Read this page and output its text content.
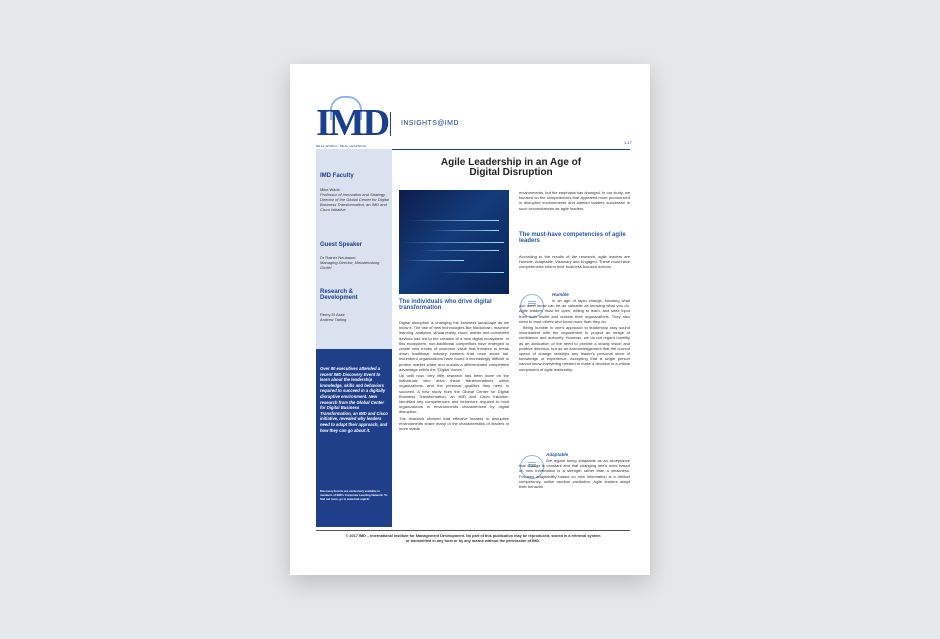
IMD
REAL WORLD. REAL LEARNING
INSIGHTS@IMD
1-17
IMD Faculty
Mike Wade
Professor of Innovation and Strategy, Director of the Global Center for Digital Business Transformation, an IMD and Cisco initiative
Guest Speaker
Dr Rainer Neubauer
Managing Director, Metaberatung GmbH
Research & Development
Remy El Assir Andrew Tarling
Over 80 executives attended a recent IMD Discovery Event to learn about the leadership knowledge, skills and behaviors required to succeed in a digitally disruptive environment. New research from the Global Center for Digital Business Transformation, an IMD and Cisco initiative, revealed why leaders need to adapt their approach, and how they can go about it.
Discovery Events are exclusively available to members of IMD's Corporate Learning Network. To find out more, go to www.imd.org/cln
Agile Leadership in an Age of
Digital Disruption
The individuals who drive digital transformation

Digital disruption is changing the business landscape as we know it. The rise of new technologies like blockchain, machine learning, analytics, virtual reality, cloud, mobile and connected devices has led to the creation of a new digital ecosystem. In this ecosystem, non-traditional competitors have emerged to create new troves of customer value that threaten to break down traditional industry barriers that once stood tall. Incumbent organizations have found it increasingly difficult to protect market share and sustain a differentiated competitive advantage within the "Digital Vortex."

Up until now, very little research has been done on the individuals who drive these transformations within organizations, and the personal qualities they need to succeed. A new study from the Global Center for Digital Business Transformation, an IMD and Cisco initiative, identified key competencies and behaviors required to lead organizations in environments characterized by digital disruption.

The research showed that effective leaders in disruptive environments share many of the characteristics of leaders in more stable

environments, but the emphasis has changed. In our study, we focused on the competencies that appeared more pronounced in disrupted environments and labeled leaders successful in such circumstances as agile leaders.
The must-have competencies of agile leaders
According to the results of the research, agile leaders are Humble, Adaptable, Visionary and Engaged. These must-have competencies inform their business-focused actions.
Humble

In an age of rapid change, knowing what you don't know can be as valuable as knowing what you do. Agile leaders must be open, willing to learn, and seek input from both inside and outside their organizations. They also need to trust others who know more than they do.

Being humble in one's approach to leadership may sound inconsistent with the requirement to project an image of confidence and authority. However, we do not regard humility as an abdication of the need to provide a strong vision and positive direction, but as an acknowledgement that the current speed of change outstrips any leader's personal store of knowledge or experience. Accepting that a single person cannot know everything needed to make a decision is a critical component of agile leadership.

Adaptable
We regard being adaptable as an acceptance that change is constant and that changing one's mind based on new information is a strength rather than a weakness. Focused adaptability based on new information is a distinct competency, unlike random vacillation. Agile leaders adapt their behavior
© 2017 IMD – International Institute for Management Development. No part of this publication may be reproduced, stored in a retrieval system
or transmitted in any form or by any means without the permission of IMD.
